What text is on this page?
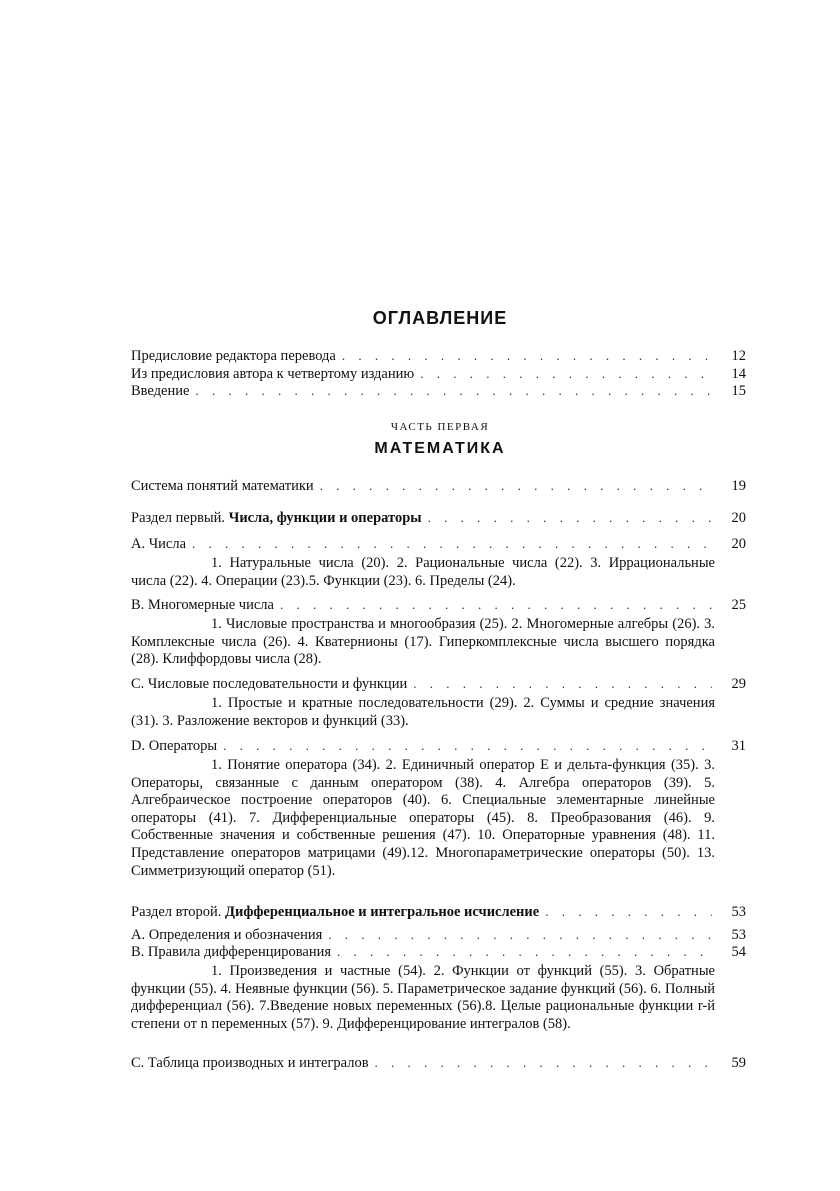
ОГЛАВЛЕНИЕ
Предисловие редактора перевода . . .	12
Из предисловия автора к четвертому изданию . . .	14
Введение . . .	15
ЧАСТЬ ПЕРВАЯ
МАТЕМАТИКА
Система понятий математики . . .	19
Раздел первый. Числа, функции и операторы . . .	20
А. Числа . . .	20
1. Натуральные числа (20). 2. Рациональные числа (22). 3. Иррациональные числа (22). 4. Операции (23).5. Функции (23). 6. Пределы (24).
В. Многомерные числа . . .	25
1. Числовые пространства и многообразия (25). 2. Многомерные алгебры (26). 3. Комплексные числа (26). 4. Кватернионы (17). Гиперкомплексные числа высшего порядка (28). Клиффордовы числа (28).
С. Числовые последовательности и функции . . .	29
1. Простые и кратные последовательности (29). 2. Суммы и средние значения (31). 3. Разложение векторов и функций (33).
D. Операторы . . .	31
1. Понятие оператора (34). 2. Единичный оператор E и дельта-функция (35). 3. Операторы, связанные с данным оператором (38). 4. Алгебра операторов (39). 5. Алгебраическое построение операторов (40). 6. Специальные элементарные линейные операторы (41). 7. Дифференциальные операторы (45). 8. Преобразования (46). 9. Собственные значения и собственные решения (47). 10. Операторные уравнения (48). 11. Представление операторов матрицами (49).12. Многопараметрические операторы (50). 13. Симметризующий оператор (51).
Раздел второй. Дифференциальное и интегральное исчисление . . .	53
А. Определения и обозначения . . .	53
В. Правила дифференцирования . . .	54
1. Произведения и частные (54). 2. Функции от функций (55). 3. Обратные функции (55). 4. Неявные функции (56). 5. Параметрическое задание функций (56). 6. Полный дифференциал (56). 7.Введение новых переменных (56).8. Целые рациональные функции r-й степени от n переменных (57). 9. Дифференцирование интегралов (58).
С. Таблица производных и интегралов . . .	59
